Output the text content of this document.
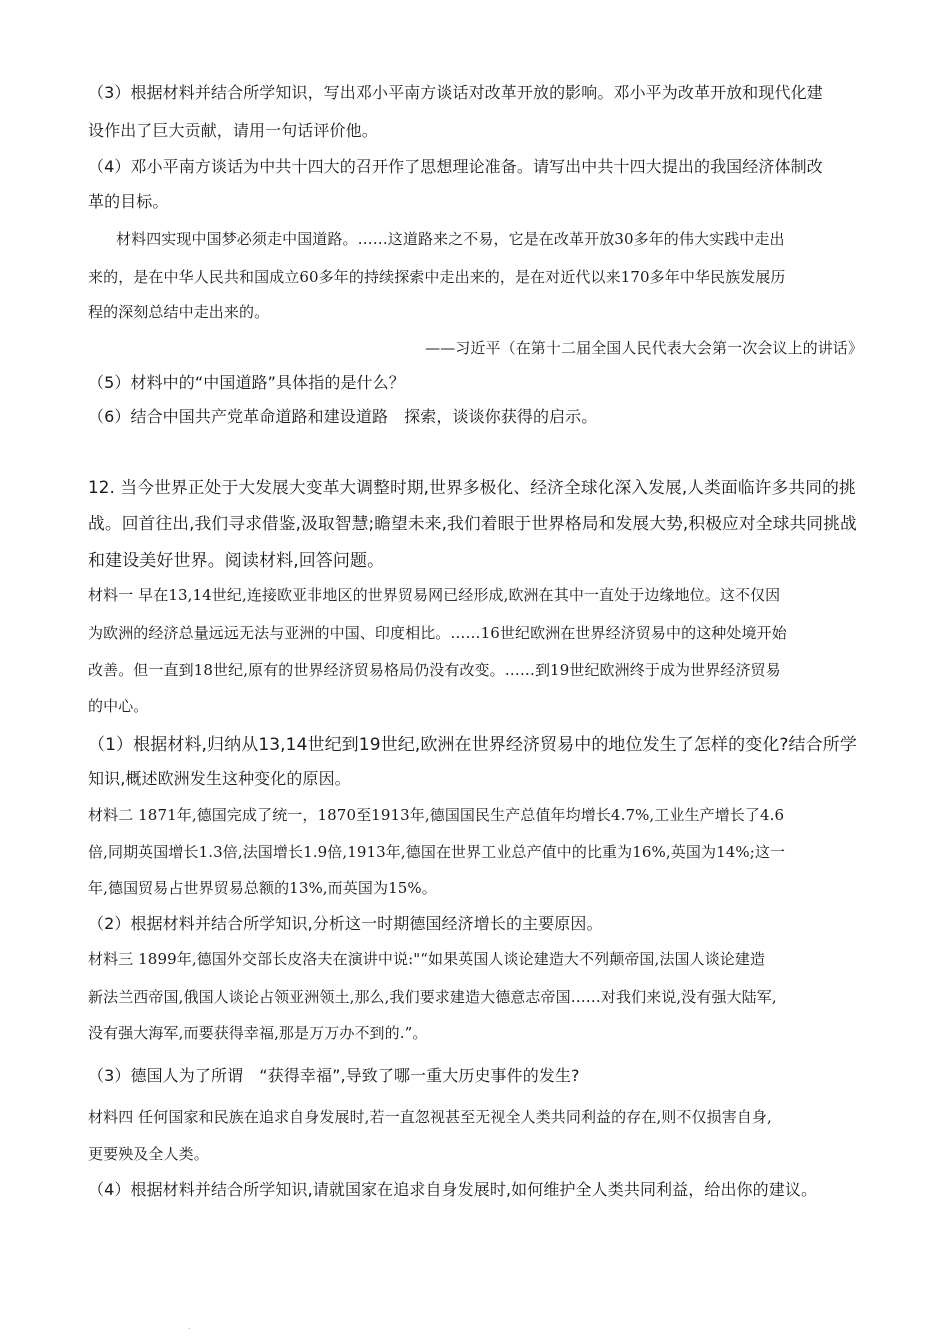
（3）根据材料并结合所学知识，写出邓小平南方谈话对改革开放的影响。邓小平为改革开放和现代化建
设作出了巨大贡献，请用一句话评价他。
（4）邓小平南方谈话为中共十四大的召开作了思想理论准备。请写出中共十四大提出的我国经济体制改
革的目标。
材料四实现中国梦必须走中国道路。……这道路来之不易，它是在改革开放30多年的伟大实践中走出
来的，是在中华人民共和国成立60多年的持续探索中走出来的，是在对近代以来170多年中华民族发展历
程的深刻总结中走出来的。
——习近平（在第十二届全国人民代表大会第一次会议上的讲话》
（5）材料中的“中国道路”具体指的是什么？
（6）结合中国共产党革命道路和建设道路　探索，谈谈你获得的启示。
12. 当今世界正处于大发展大变革大调整时期,世界多极化、经济全球化深入发展,人类面临许多共同的挑
战。回首往出,我们寻求借鉴,汲取智慧;瞻望未来,我们着眼于世界格局和发展大势,积极应对全球共同挑战
和建设美好世界。阅读材料,回答问题。
材料一 早在13,14世纪,连接欧亚非地区的世界贸易网已经形成,欧洲在其中一直处于边缘地位。这不仅因
为欧洲的经济总量远远无法与亚洲的中国、印度相比。……16世纪欧洲在世界经济贸易中的这种处境开始
改善。但一直到18世纪,原有的世界经济贸易格局仍没有改变。……到19世纪欧洲终于成为世界经济贸易
的中心。
（1）根据材料,归纳从13,14世纪到19世纪,欧洲在世界经济贸易中的地位发生了怎样的变化?结合所学
知识,概述欧洲发生这种变化的原因。
材料二 1871年,德国完成了统一，1870至1913年,德国国民生产总值年均增长4.7%,工业生产增长了4.6
倍,同期英国增长1.3倍,法国增长1.9倍,1913年,德国在世界工业总产值中的比重为16%,英国为14%;这一
年,德国贸易占世界贸易总额的13%,而英国为15%。
（2）根据材料并结合所学知识,分析这一时期德国经济增长的主要原因。
材料三 1899年,德国外交部长皮洛夫在演讲中说:"“如果英国人谈论建造大不列颠帝国,法国人谈论建造
新法兰西帝国,俄国人谈论占领亚洲领土,那么,我们要求建造大德意志帝国……对我们来说,没有强大陆军,
没有强大海军,而要获得幸福,那是万万办不到的.”。
（3）德国人为了所谓　“获得幸福”,导致了哪一重大历史事件的发生?
材料四 任何国家和民族在追求自身发展时,若一直忽视甚至无视全人类共同利益的存在,则不仅损害自身,
更要殃及全人类。
（4）根据材料并结合所学知识,请就国家在追求自身发展时,如何维护全人类共同利益，给出你的建议。
.
